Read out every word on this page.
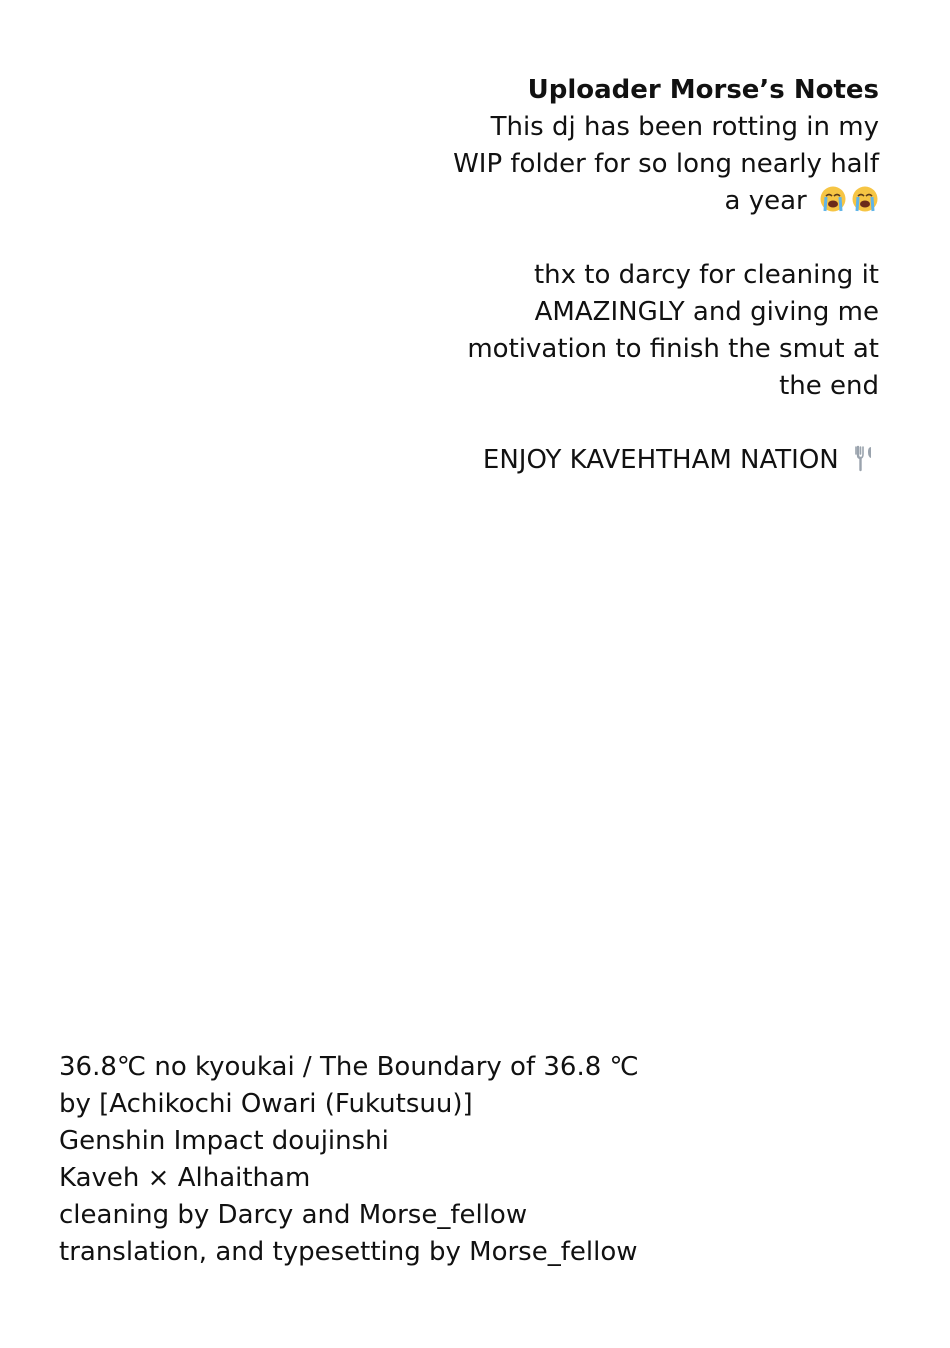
Uploader Morse’s Notes

This dj has been rotting in my

WIP folder for so long nearly half

a year

thx to darcy for cleaning it

AMAZINGLY and giving me

motivation to finish the smut at

the end

ENJOY KAVEHTHAM NATION

36.8℃ no kyoukai / The Boundary of 36.8 ℃
by [Achikochi Owari (Fukutsuu)]
Genshin Impact doujinshi
Kaveh × Alhaitham
cleaning by Darcy and Morse_fellow
translation, and typesetting by Morse_fellow
